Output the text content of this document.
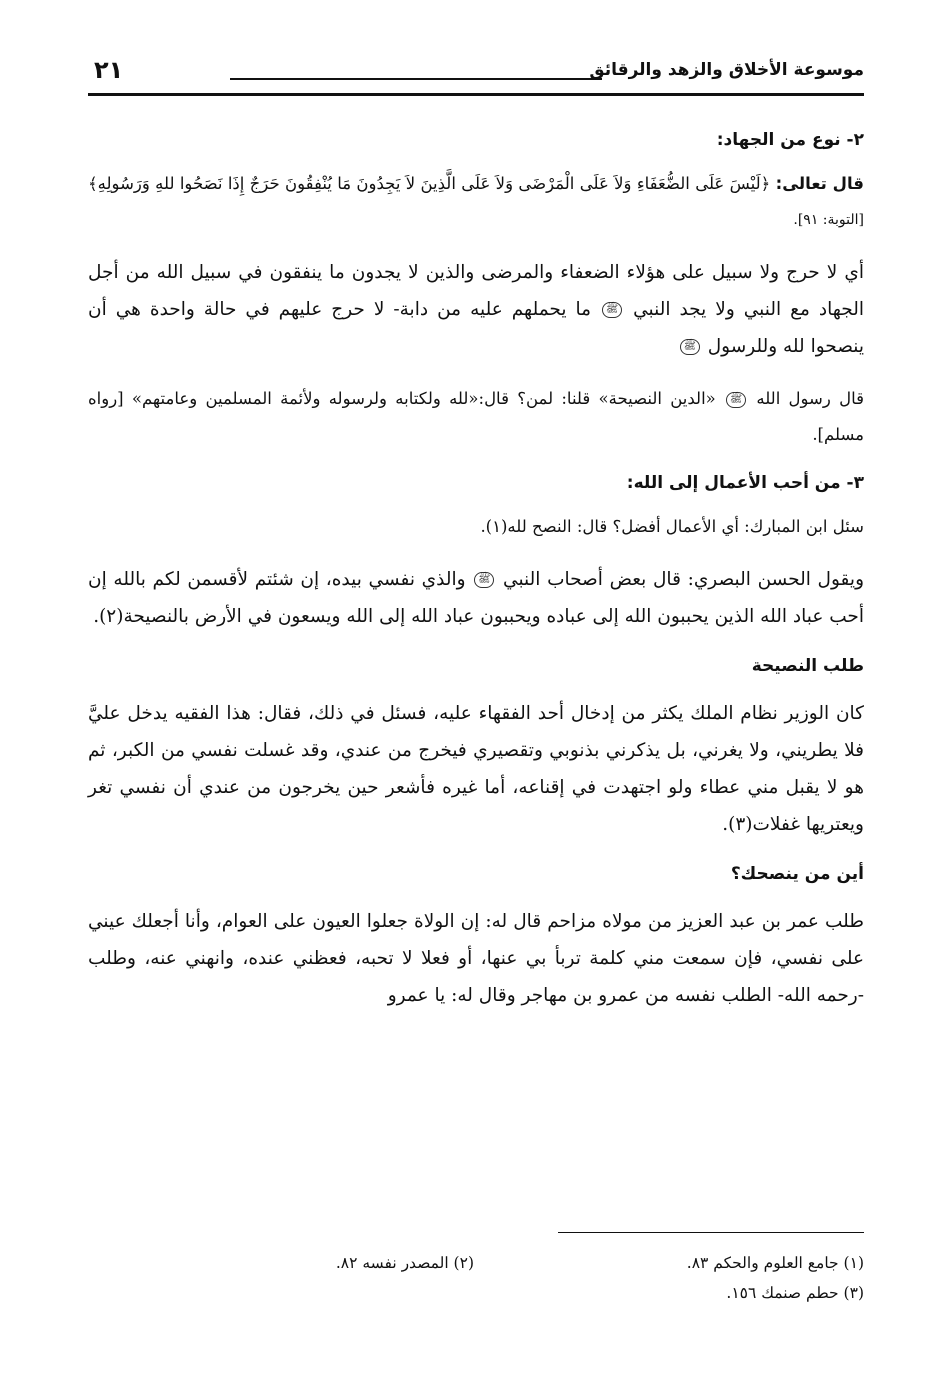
موسوعة الأخلاق والزهد والرقائق
٢١

٢- نوع من الجهاد:

قال تعالى: ﴿لَيْسَ عَلَى الضُّعَفَاءِ وَلاَ عَلَى الْمَرْضَى وَلاَ عَلَى الَّذِينَ لاَ يَجِدُونَ مَا يُنْفِقُونَ حَرَجٌ إِذَا نَصَحُوا للهِ وَرَسُولِهِ﴾ [التوبة: ٩١].

أي لا حرج ولا سبيل على هؤلاء الضعفاء والمرضى والذين لا يجدون ما ينفقون في سبيل الله من أجل الجهاد مع النبي ولا يجد النبي ﷺ ما يحملهم عليه من دابة- لا حرج عليهم في حالة واحدة هي أن ينصحوا لله وللرسول ﷺ

قال رسول الله ﷺ «الدين النصيحة» قلنا: لمن؟ قال:«لله ولكتابه ولرسوله ولأئمة المسلمين وعامتهم» [رواه مسلم].

٣- من أحب الأعمال إلى الله:

سئل ابن المبارك: أي الأعمال أفضل؟ قال: النصح لله(١).

ويقول الحسن البصري: قال بعض أصحاب النبي ﷺ والذي نفسي بيده، إن شئتم لأقسمن لكم بالله إن أحب عباد الله الذين يحببون الله إلى عباده ويحببون عباد الله إلى الله ويسعون في الأرض بالنصيحة(٢).

طلب النصيحة

كان الوزير نظام الملك يكثر من إدخال أحد الفقهاء عليه، فسئل في ذلك، فقال: هذا الفقيه يدخل عليَّ فلا يطريني، ولا يغرني، بل يذكرني بذنوبي وتقصيري فيخرج من عندي، وقد غسلت نفسي من الكبر، ثم هو لا يقبل مني عطاء ولو اجتهدت في إقناعه، أما غيره فأشعر حين يخرجون من عندي أن نفسي تغر ويعتريها غفلات(٣).

أين من ينصحك؟

طلب عمر بن عبد العزيز من مولاه مزاحم قال له: إن الولاة جعلوا العيون على العوام، وأنا أجعلك عيني على نفسي، فإن سمعت مني كلمة تربأ بي عنها، أو فعلا لا تحبه، فعظني عنده، وانهني عنه، وطلب -رحمه الله- الطلب نفسه من عمرو بن مهاجر وقال له: يا عمرو

(١) جامع العلوم والحكم ٨٣.
(٢) المصدر نفسه ٨٢.
(٣) حطم صنمك ١٥٦.
